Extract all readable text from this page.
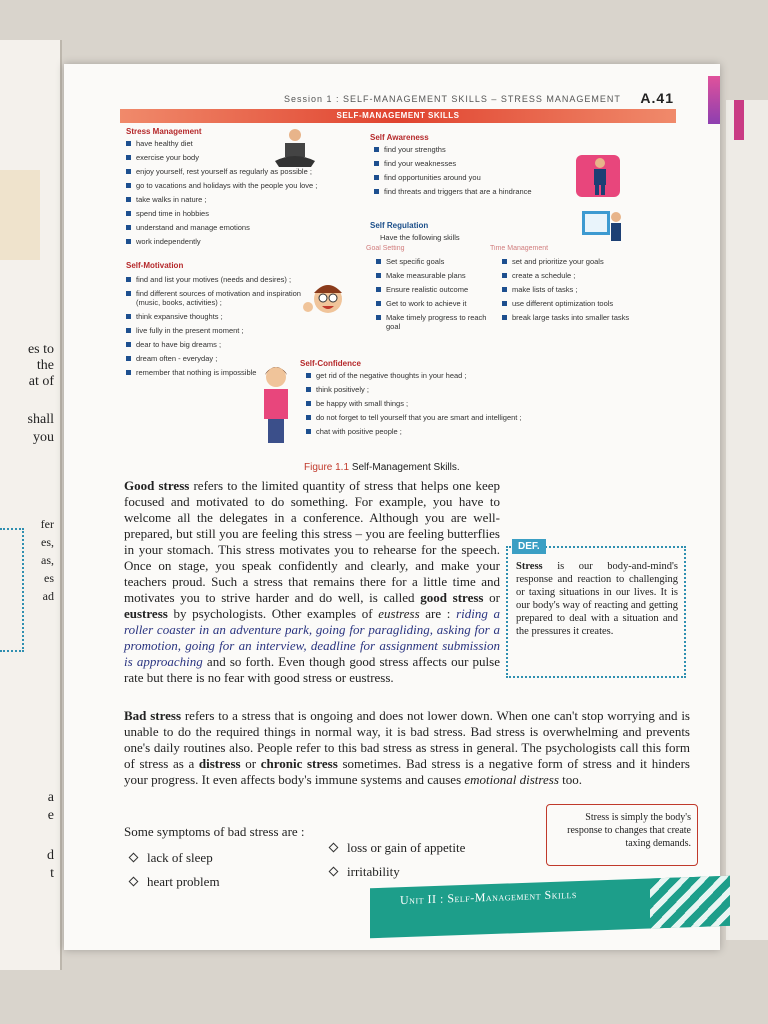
es to
the
at of
shall
you
fer
es,
as,
es
ad
a
e
d
t
Session 1 : SELF-MANAGEMENT SKILLS – STRESS MANAGEMENT A.41
SELF-MANAGEMENT SKILLS
Stress Management
have healthy diet
exercise your body
enjoy yourself, rest yourself as regularly as possible ;
go to vacations and holidays with the people you love ;
take walks in nature ;
spend time in hobbies
understand and manage emotions
work independently
Self Awareness
find your strengths
find your weaknesses
find opportunities around you
find threats and triggers that are a hindrance
Self Regulation
Have the following skills
Goal Setting	Time Management
Set specific goals
Make measurable plans
Ensure realistic outcome
Get to work to achieve it
Make timely progress to reach goal
set and prioritize your goals
create a schedule ;
make lists of tasks ;
use different optimization tools
break large tasks into smaller tasks
Self-Motivation
find and list your motives (needs and desires) ;
find different sources of motivation and inspiration (music, books, activities) ;
think expansive thoughts ;
live fully in the present moment ;
dear to have big dreams ;
dream often - everyday ;
remember that nothing is impossible
Self-Confidence
get rid of the negative thoughts in your head ;
think positively ;
be happy with small things ;
do not forget to tell yourself that you are smart and intelligent ;
chat with positive people ;
Figure 1.1 Self-Management Skills.
Good stress refers to the limited quantity of stress that helps one keep focused and motivated to do something. For example, you have to welcome all the delegates in a conference. Although you are well-prepared, but still you are feeling this stress – you are feeling butterflies in your stomach. This stress motivates you to rehearse for the speech. Once on stage, you speak confidently and clearly, and make your teachers proud. Such a stress that remains there for a little time and motivates you to strive harder and do well, is called good stress or eustress by psychologists. Other examples of eustress are : riding a roller coaster in an adventure park, going for paragliding, asking for a promotion, going for an interview, deadline for assignment submission is approaching and so forth. Even though good stress affects our pulse rate but there is no fear with good stress or eustress.
DEF.
Stress is our body-and-mind's response and reaction to challenging or taxing situations in our lives. It is our body's way of reacting and getting prepared to deal with a situation and the pressures it creates.
Bad stress refers to a stress that is ongoing and does not lower down. When one can't stop worrying and is unable to do the required things in normal way, it is bad stress. Bad stress is overwhelming and prevents one's daily routines also. People refer to this bad stress as stress in general. The psychologists call this form of stress as a distress or chronic stress sometimes. Bad stress is a negative form of stress and it hinders your progress. It even affects body's immune systems and causes emotional distress too.
Stress is simply the body's response to changes that create taxing demands.
Some symptoms of bad stress are :
lack of sleep
heart problem
loss or gain of appetite
irritability
Unit II : Self-Management Skills
